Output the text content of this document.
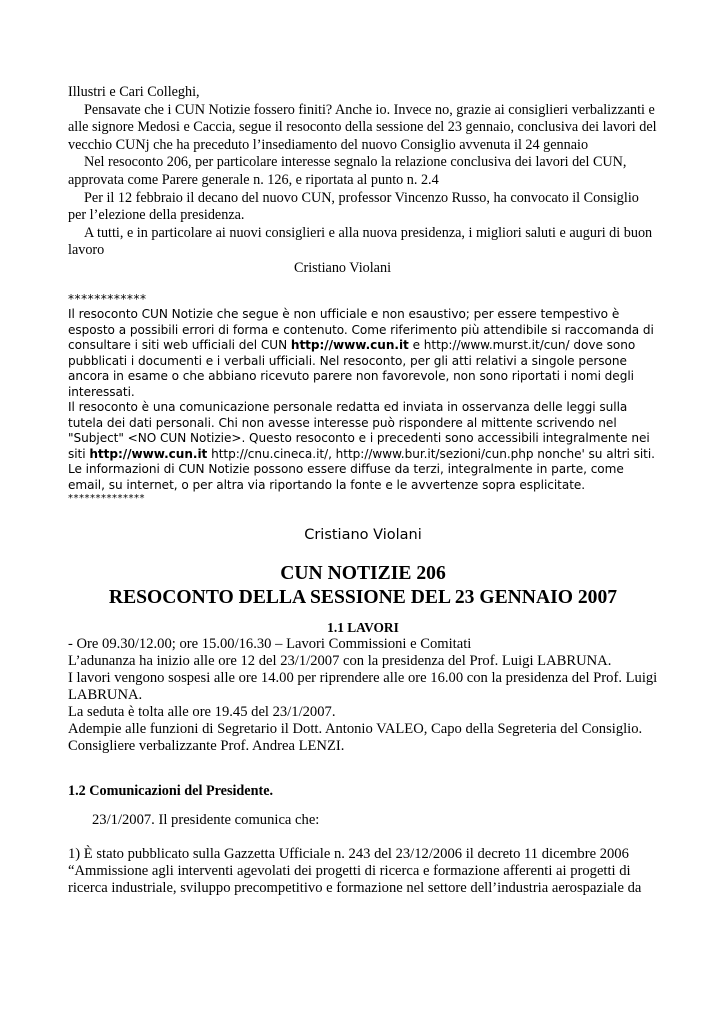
Illustri e Cari Colleghi,

Pensavate che i CUN Notizie fossero finiti? Anche io. Invece no, grazie ai consiglieri verbalizzanti e alle signore Medosi e Caccia, segue il resoconto della sessione del 23 gennaio, conclusiva dei lavori del vecchio CUNj che ha preceduto l’insediamento del nuovo Consiglio avvenuta il 24 gennaio

Nel resoconto 206, per particolare interesse segnalo la relazione conclusiva dei lavori del CUN, approvata come Parere generale n. 126, e riportata al punto n. 2.4

Per il 12 febbraio il decano del nuovo CUN, professor Vincenzo Russo, ha convocato il Consiglio per l’elezione della presidenza.

A tutti, e in particolare ai nuovi consiglieri e alla nuova presidenza, i migliori saluti e auguri di buon lavoro

Cristiano Violani

************

Il resoconto CUN Notizie che segue è non ufficiale e non esaustivo; per essere tempestivo è esposto a possibili errori di forma e contenuto. Come riferimento più attendibile si raccomanda di consultare i siti web ufficiali del CUN http://www.cun.it e http://www.murst.it/cun/ dove sono pubblicati i documenti e i verbali ufficiali. Nel resoconto, per gli atti relativi a singole persone ancora in esame o che abbiano ricevuto parere non favorevole, non sono riportati i nomi degli interessati.

Il resoconto è una comunicazione personale redatta ed inviata in osservanza delle leggi sulla tutela dei dati personali. Chi non avesse interesse può rispondere al mittente scrivendo nel "Subject" <NO CUN Notizie>. Questo resoconto e i precedenti sono accessibili integralmente nei siti http://www.cun.it http://cnu.cineca.it/, http://www.bur.it/sezioni/cun.php nonche' su altri siti. Le informazioni di CUN Notizie possono essere diffuse da terzi, integralmente in parte, come email, su internet, o per altra via riportando la fonte e le avvertenze sopra esplicitate.

**************

Cristiano Violani

CUN NOTIZIE 206

RESOCONTO DELLA SESSIONE DEL 23 GENNAIO 2007

1.1 LAVORI

- Ore 09.30/12.00; ore 15.00/16.30 – Lavori Commissioni e Comitati

L’adunanza ha inizio alle ore 12 del 23/1/2007 con la presidenza del Prof. Luigi LABRUNA.

I lavori vengono sospesi alle ore 14.00 per riprendere alle ore 16.00 con la presidenza del Prof. Luigi LABRUNA.

La seduta è tolta alle ore 19.45 del 23/1/2007.

Adempie alle funzioni di Segretario il Dott. Antonio VALEO, Capo della Segreteria del Consiglio.

Consigliere verbalizzante Prof. Andrea LENZI.

1.2 Comunicazioni del Presidente.

23/1/2007. Il presidente comunica che:

1) È stato pubblicato sulla Gazzetta Ufficiale n. 243 del 23/12/2006 il decreto 11 dicembre 2006 “Ammissione agli interventi agevolati dei progetti di ricerca e formazione afferenti ai progetti di ricerca industriale, sviluppo precompetitivo e formazione nel settore dell’industria aerospaziale da
